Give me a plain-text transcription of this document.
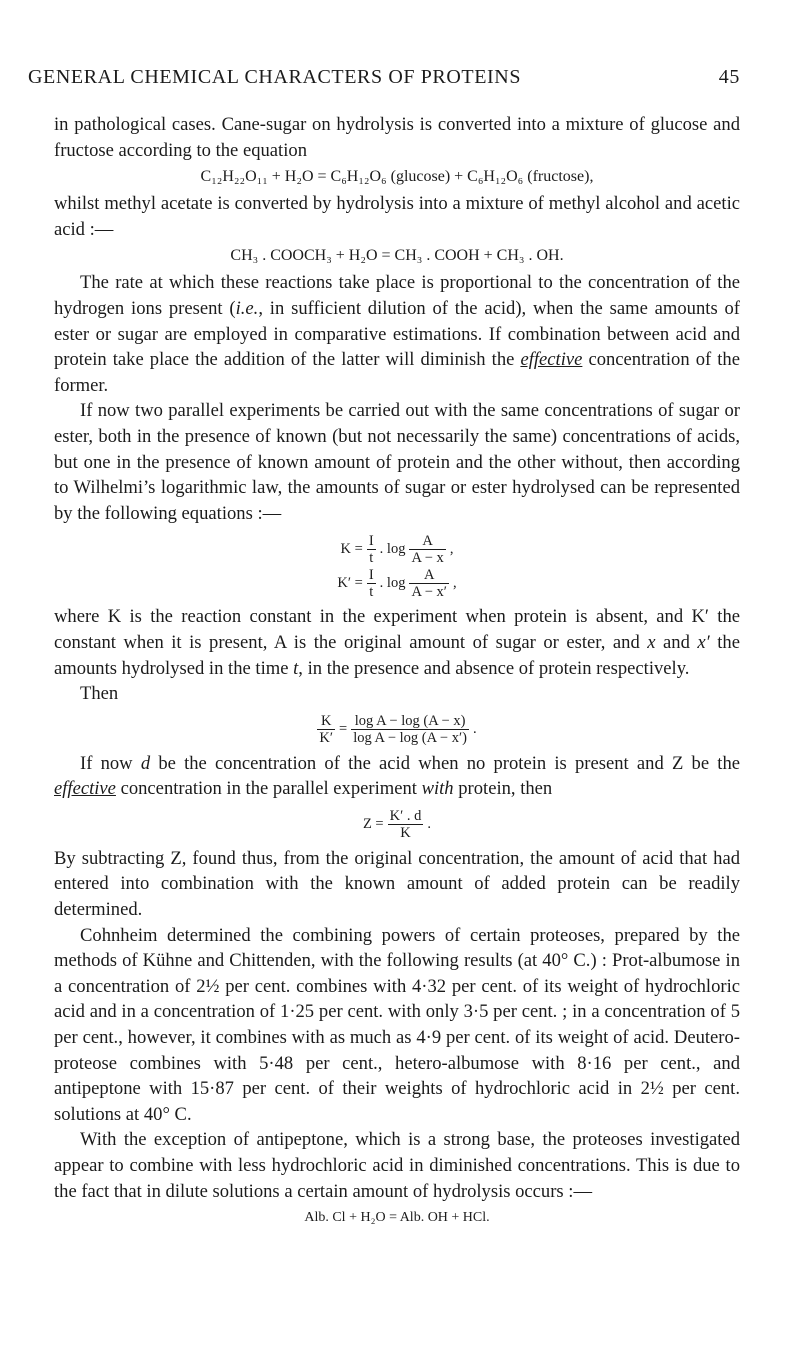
GENERAL CHEMICAL CHARACTERS OF PROTEINS	45

in pathological cases. Cane-sugar on hydrolysis is converted into a mixture of glucose and fructose according to the equation

C₁₂H₂₂O₁₁ + H₂O = C₆H₁₂O₆ (glucose) + C₆H₁₂O₆ (fructose),

whilst methyl acetate is converted by hydrolysis into a mixture of methyl alcohol and acetic acid :—

CH₃ . COOCH₃ + H₂O = CH₃ . COOH + CH₃ . OH.

The rate at which these reactions take place is proportional to the concentration of the hydrogen ions present (i.e., in sufficient dilution of the acid), when the same amounts of ester or sugar are employed in comparative estimations. If combination between acid and protein take place the addition of the latter will diminish the effective concentration of the former.

If now two parallel experiments be carried out with the same concentrations of sugar or ester, both in the presence of known (but not necessarily the same) concentrations of acids, but one in the presence of known amount of protein and the other without, then according to Wilhelmi’s logarithmic law, the amounts of sugar or ester hydrolysed can be represented by the following equations :—

$K = \frac{I}{t}$ . $\log \frac{A}{A - x}$ ,
$K' = \frac{I}{t}$ . $\log \frac{A}{A - x'}$ ,

where K is the reaction constant in the experiment when protein is absent, and K′ the constant when it is present, A is the original amount of sugar or ester, and x and x′ the amounts hydrolysed in the time t, in the presence and absence of protein respectively.

Then

$\frac{K}{K'} = \frac{\text{log A − log (A − x)}}{\text{log A − log (A − x′)}}$ .

If now d be the concentration of the acid when no protein is present and Z be the effective concentration in the parallel experiment with protein, then

$Z = \frac{K' . d}{K}$ .

By subtracting Z, found thus, from the original concentration, the amount of acid that had entered into combination with the known amount of added protein can be readily determined.

Cohnheim determined the combining powers of certain proteoses, prepared by the methods of Kühne and Chittenden, with the following results (at 40° C.) : Prot-albumose in a concentration of 2½ per cent. combines with 4·32 per cent. of its weight of hydrochloric acid and in a concentration of 1·25 per cent. with only 3·5 per cent. ; in a concentration of 5 per cent., however, it combines with as much as 4·9 per cent. of its weight of acid. Deutero-proteose combines with 5·48 per cent., hetero-albumose with 8·16 per cent., and antipeptone with 15·87 per cent. of their weights of hydrochloric acid in 2½ per cent. solutions at 40° C.

With the exception of antipeptone, which is a strong base, the proteoses investigated appear to combine with less hydrochloric acid in diminished concentrations. This is due to the fact that in dilute solutions a certain amount of hydrolysis occurs :—

Alb. Cl + H₂O = Alb. OH + HCl.
